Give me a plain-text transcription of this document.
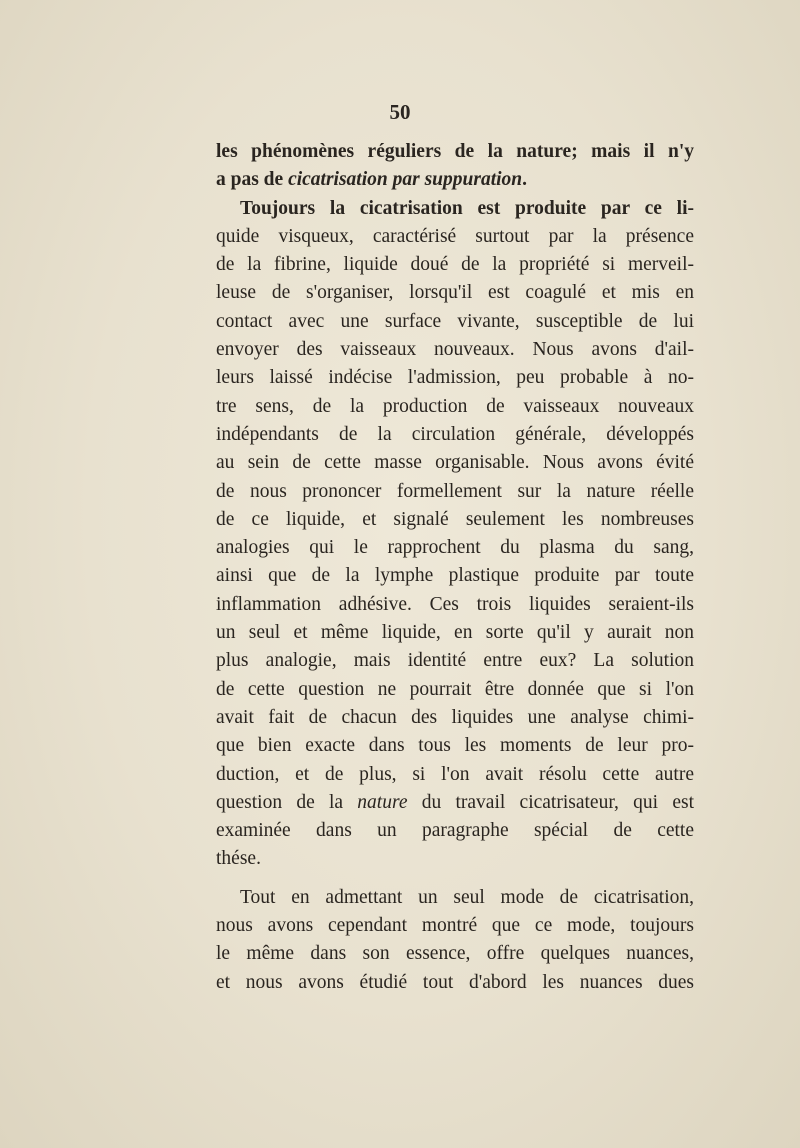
50
les phénomènes réguliers de la nature; mais il n'y
a pas de cicatrisation par suppuration.
Toujours la cicatrisation est produite par ce li-
quide visqueux, caractérisé surtout par la présence
de la fibrine, liquide doué de la propriété si merveil-
leuse de s'organiser, lorsqu'il est coagulé et mis en
contact avec une surface vivante, susceptible de lui
envoyer des vaisseaux nouveaux. Nous avons d'ail-
leurs laissé indécise l'admission, peu probable à no-
tre sens, de la production de vaisseaux nouveaux
indépendants de la circulation générale, développés
au sein de cette masse organisable. Nous avons évité
de nous prononcer formellement sur la nature réelle
de ce liquide, et signalé seulement les nombreuses
analogies qui le rapprochent du plasma du sang,
ainsi que de la lymphe plastique produite par toute
inflammation adhésive. Ces trois liquides seraient-ils
un seul et même liquide, en sorte qu'il y aurait non
plus analogie, mais identité entre eux? La solution
de cette question ne pourrait être donnée que si l'on
avait fait de chacun des liquides une analyse chimi-
que bien exacte dans tous les moments de leur pro-
duction, et de plus, si l'on avait résolu cette autre
question de la nature du travail cicatrisateur, qui est
examinée dans un paragraphe spécial de cette
thése.
Tout en admettant un seul mode de cicatrisation,
nous avons cependant montré que ce mode, toujours
le même dans son essence, offre quelques nuances,
et nous avons étudié tout d'abord les nuances dues
